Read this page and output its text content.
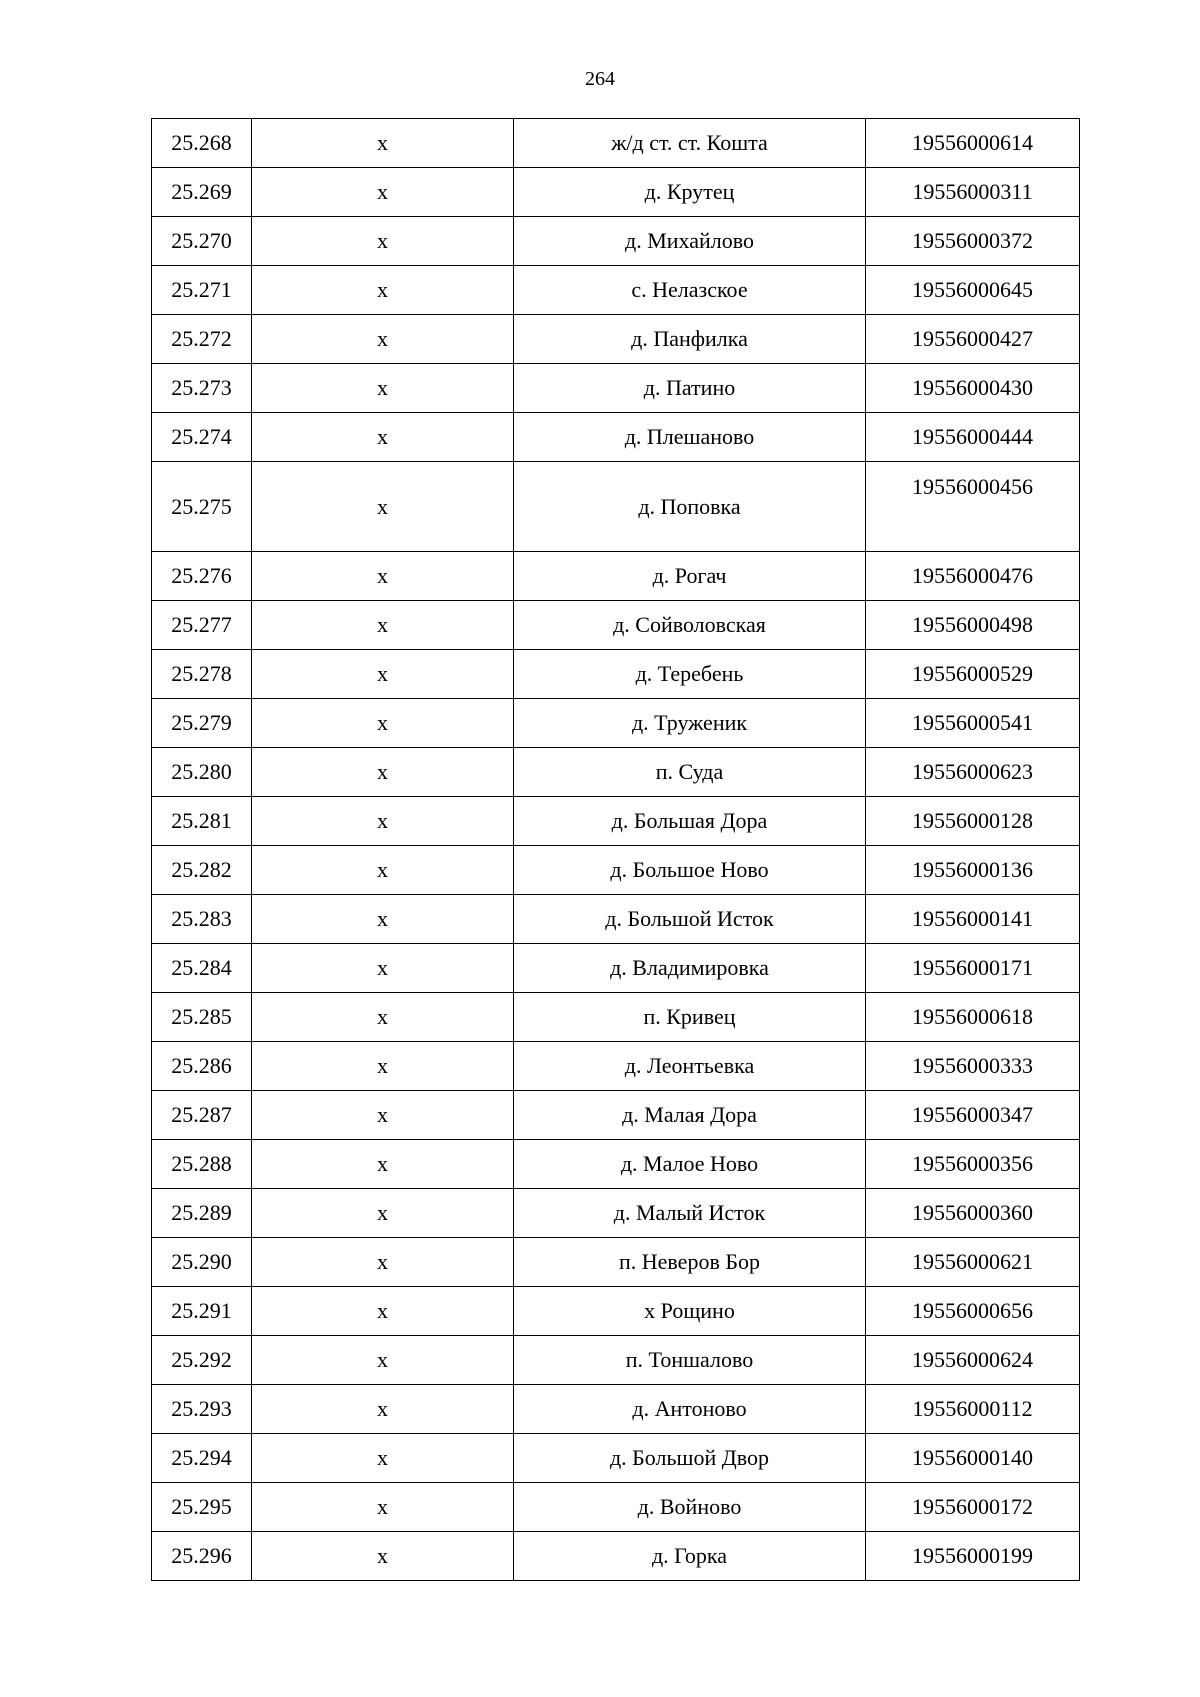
264
25.268	х	ж/д ст. ст. Кошта	19556000614
25.269	х	д. Крутец	19556000311
25.270	х	д. Михайлово	19556000372
25.271	х	с. Нелазское	19556000645
25.272	х	д. Панфилка	19556000427
25.273	х	д. Патино	19556000430
25.274	х	д. Плешаново	19556000444
25.275	х	д. Поповка	19556000456
25.276	х	д. Рогач	19556000476
25.277	х	д. Сойволовская	19556000498
25.278	х	д. Теребень	19556000529
25.279	х	д. Труженик	19556000541
25.280	х	п. Суда	19556000623
25.281	х	д. Большая Дора	19556000128
25.282	х	д. Большое Ново	19556000136
25.283	х	д. Большой Исток	19556000141
25.284	х	д. Владимировка	19556000171
25.285	х	п. Кривец	19556000618
25.286	х	д. Леонтьевка	19556000333
25.287	х	д. Малая Дора	19556000347
25.288	х	д. Малое Ново	19556000356
25.289	х	д. Малый Исток	19556000360
25.290	х	п. Неверов Бор	19556000621
25.291	х	х Рощино	19556000656
25.292	х	п. Тоншалово	19556000624
25.293	х	д. Антоново	19556000112
25.294	х	д. Большой Двор	19556000140
25.295	х	д. Войново	19556000172
25.296	х	д. Горка	19556000199
